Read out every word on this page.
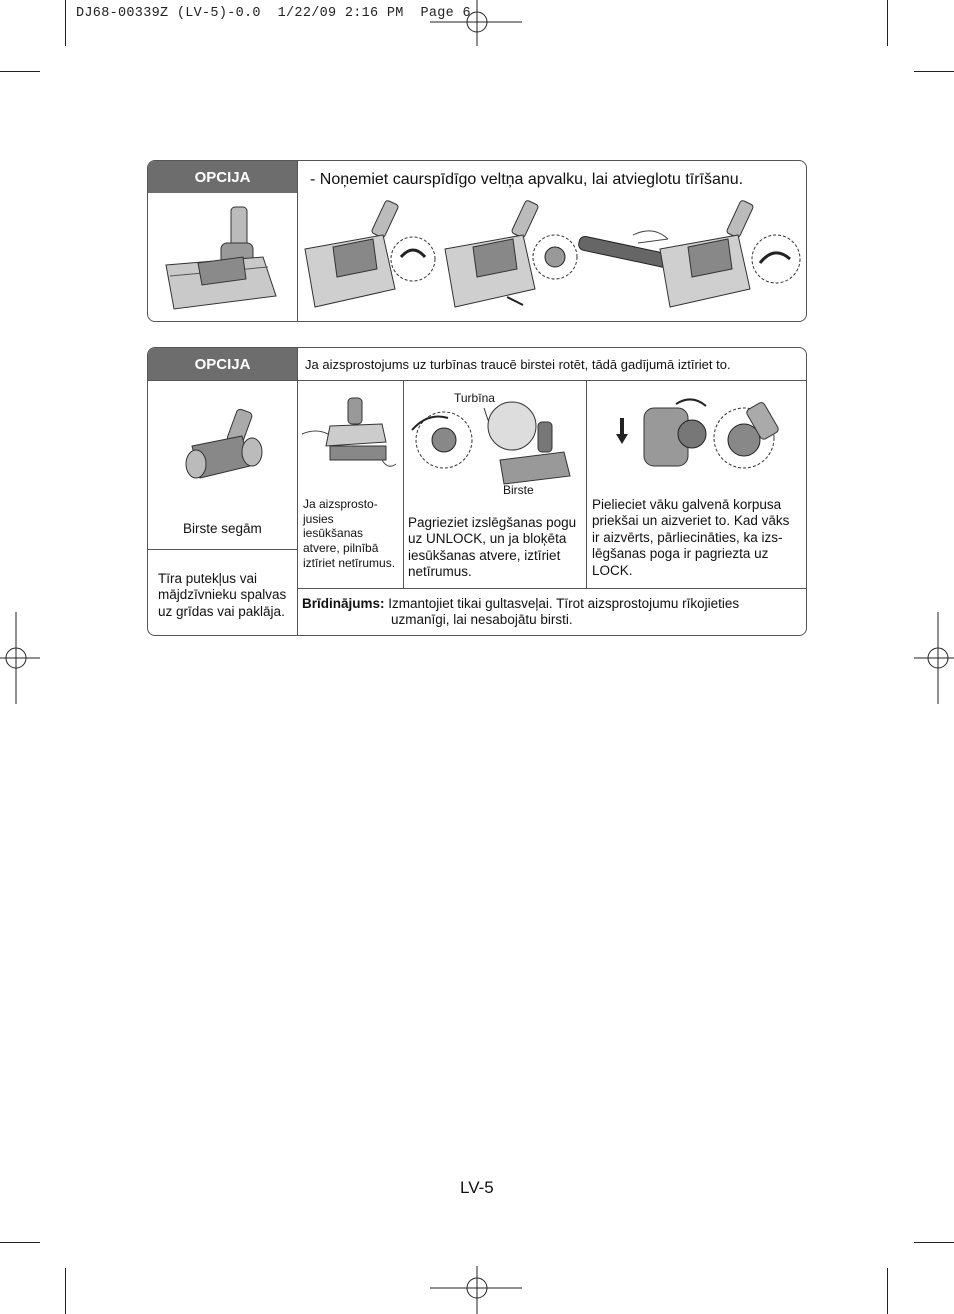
DJ68-00339Z (LV-5)-0.0  1/22/09 2:16 PM  Page 6
OPCIJA	- Noņemiet caurspīdīgo veltņa apvalku, lai atvieglotu tīrīšanu.
OPCIJA	Ja aizsprostojums uz turbīnas traucē birstei rotēt, tādā gadījumā iztīriet to.
Birste segām
Tīra putekļus vai
mājdzīvnieku spalvas
uz grīdas vai paklāja.
Ja aizsprosto-
jusies
iesūkšanas
atvere, pilnībā
iztīriet netīrumus.
Turbīna
Birste
Pagrieziet izslēgšanas pogu
uz UNLOCK, un ja bloķēta
iesūkšanas atvere, iztīriet
netīrumus.
Pielieciet vāku galvenā korpusa
priekšai un aizveriet to. Kad vāks
ir aizvērts, pārliecināties, ka izs-
lēgšanas poga ir pagriezta uz
LOCK.
Brīdinājums: Izmantojiet tikai gultasveļai. Tīrot aizsprostojumu rīkojieties
uzmanīgi, lai nesabojātu birsti.
LV-5
